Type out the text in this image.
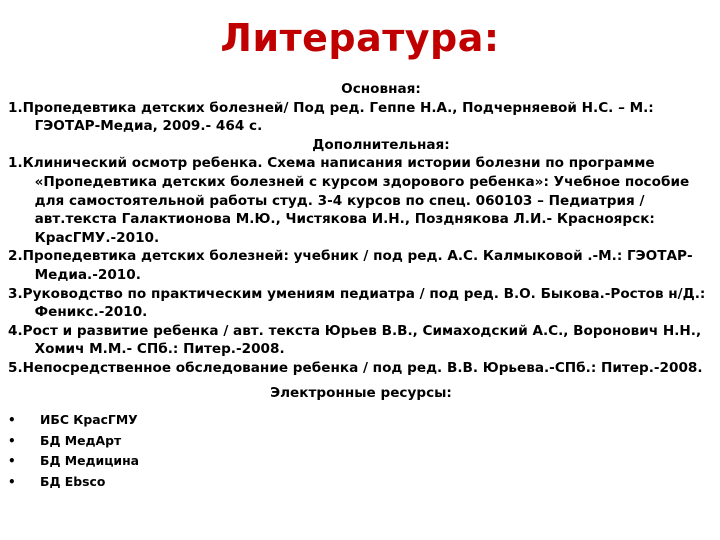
Литература:
Основная:
1. Пропедевтика детских болезней/ Под ред. Геппе Н.А., Подчерняевой Н.С. – М.: ГЭОТАР-Медиа, 2009.- 464 с.
Дополнительная:
1. Клинический осмотр ребенка. Схема написания истории болезни по программе «Пропедевтика детских болезней с курсом здорового ребенка»: Учебное пособие для самостоятельной работы студ. 3-4 курсов по спец. 060103 – Педиатрия / авт.текста Галактионова М.Ю., Чистякова И.Н., Позднякова Л.И.- Красноярск: КрасГМУ.-2010.
2. Пропедевтика детских болезней: учебник / под ред. А.С. Калмыковой .-М.: ГЭОТАР-Медиа.-2010.
3. Руководство по практическим умениям педиатра / под ред. В.О. Быкова.-Ростов н/Д.: Феникс.-2010.
4. Рост и развитие ребенка / авт. текста Юрьев В.В., Симаходский А.С., Воронович Н.Н., Хомич М.М.- СПб.: Питер.-2008.
5. Непосредственное обследование ребенка / под ред. В.В. Юрьева.-СПб.: Питер.-2008.
Электронные ресурсы:
•	ИБС КрасГМУ
•	БД МедАрт
•	БД Медицина
•	БД Ebsco
